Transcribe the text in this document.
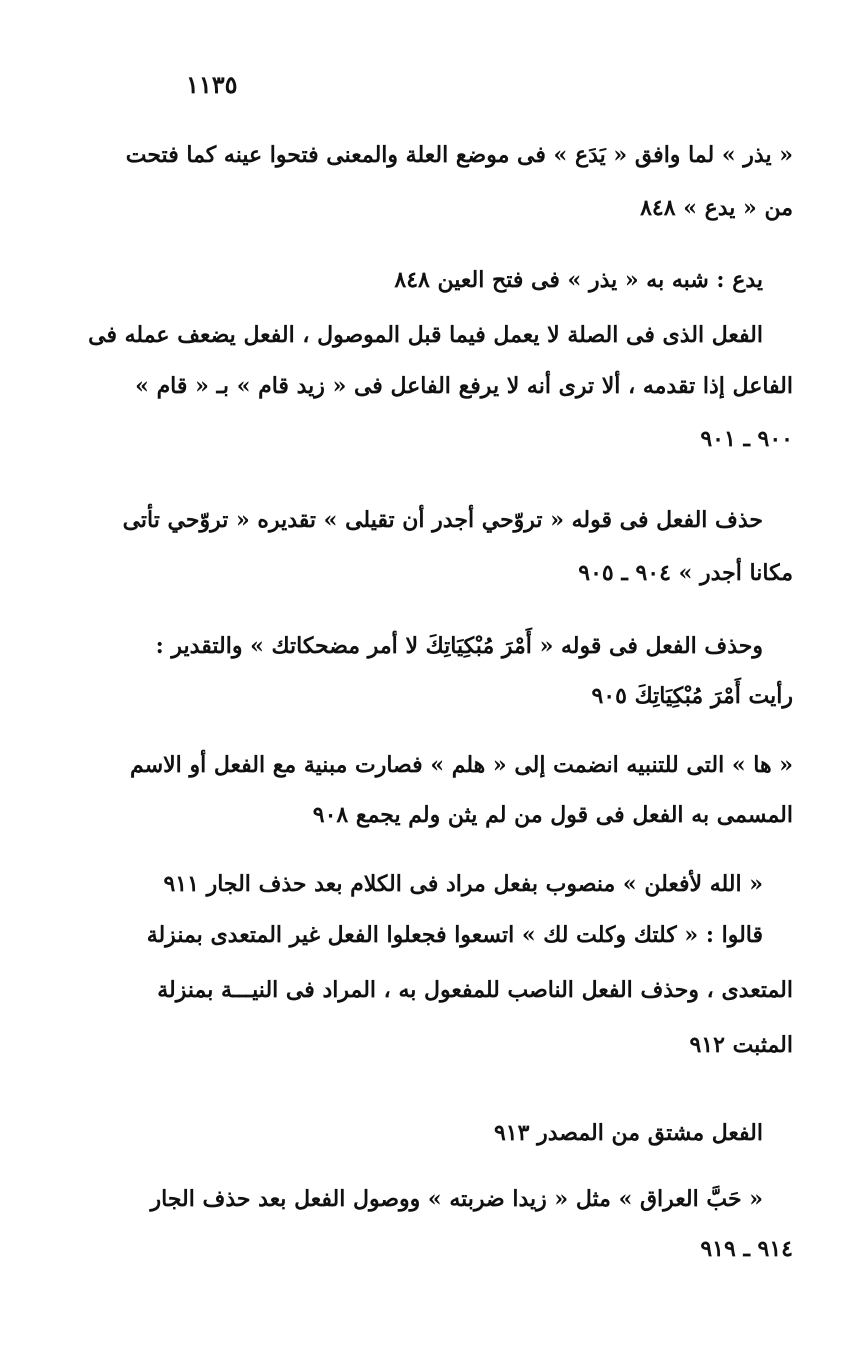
١١٣٥
« يذر » لما وافق « يَدَع » فى موضع العلة والمعنى فتحوا عينه كما فتحت
من « يدع » ٨٤٨
يدع : شبه به « يذر » فى فتح العين ٨٤٨
الفعل الذى فى الصلة لا يعمل فيما قبل الموصول ، الفعل يضعف عمله فى
الفاعل إذا تقدمه ، ألا ترى أنه لا يرفع الفاعل فى « زيد قام » بـ « قام »
٩٠٠ ـ ٩٠١
حذف الفعل فى قوله « تروّحي أجدر أن تقيلى » تقديره « تروّحي تأتى
مكانا أجدر » ٩٠٤ ـ ٩٠٥
وحذف الفعل فى قوله « أَمْرَ مُبْكِيَاتِكَ لا أمر مضحكاتك » والتقدير :
رأيت أَمْرَ مُبْكِيَاتِكَ ٩٠٥
« ها » التى للتنبيه انضمت إلى « هلم » فصارت مبنية مع الفعل أو الاسم
المسمى به الفعل فى قول من لم يثن ولم يجمع ٩٠٨
« الله لأفعلن » منصوب بفعل مراد فى الكلام بعد حذف الجار ٩١١
قالوا : « كلتك وكلت لك » اتسعوا فجعلوا الفعل غير المتعدى بمنزلة
المتعدى ، وحذف الفعل الناصب للمفعول به ، المراد فى النيـــة بمنزلة
المثبت ٩١٢
الفعل مشتق من المصدر ٩١٣
« حَبَّ العراق » مثل « زيدا ضربته » ووصول الفعل بعد حذف الجار
٩١٤ ـ ٩١٩
